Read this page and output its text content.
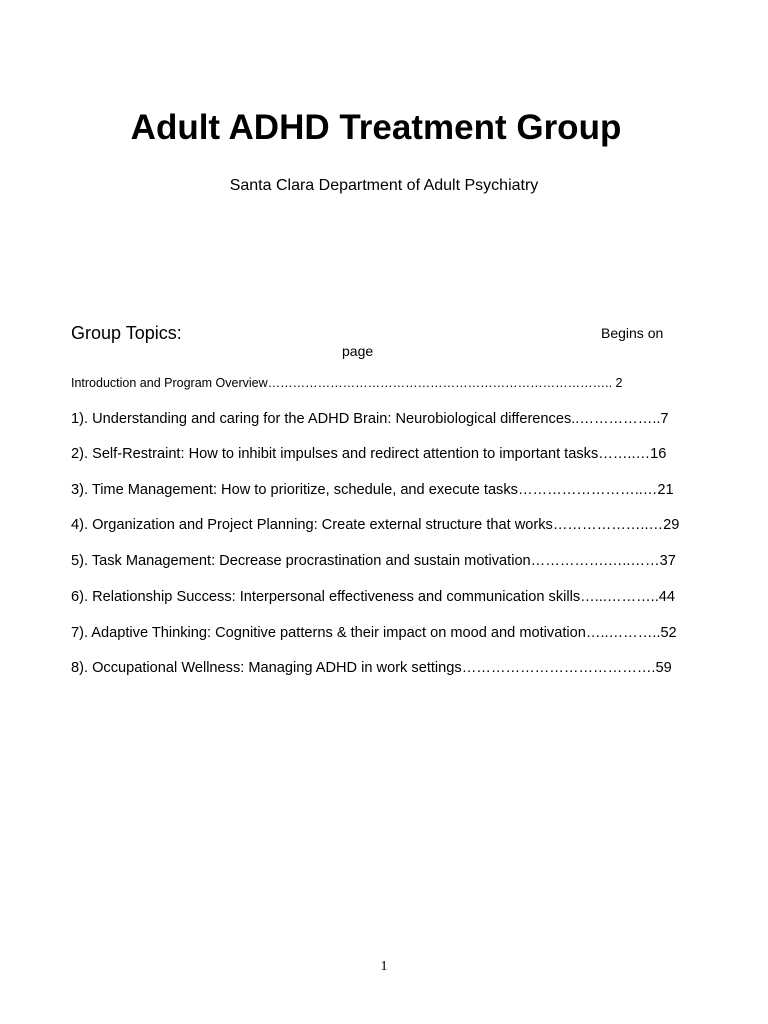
Adult ADHD Treatment Group
Santa Clara Department of Adult Psychiatry
Group Topics:	Begins on
page
Introduction and Program Overview……………………………………………………………………….. 2
1). Understanding and caring for the ADHD Brain: Neurobiological differences..……………..7
2). Self-Restraint: How to inhibit impulses and redirect attention to important tasks……..…16
3). Time Management: How to prioritize, schedule, and execute tasks……………………..…21
4). Organization and Project Planning: Create external structure that works………………..…29
5). Task Management: Decrease procrastination and sustain motivation…………….…..……37
6). Relationship Success: Interpersonal effectiveness and communication skills…...………..44
7). Adaptive Thinking: Cognitive patterns & their impact on mood and motivation…..………..52
8). Occupational Wellness: Managing ADHD in work settings………………………………….59
1
